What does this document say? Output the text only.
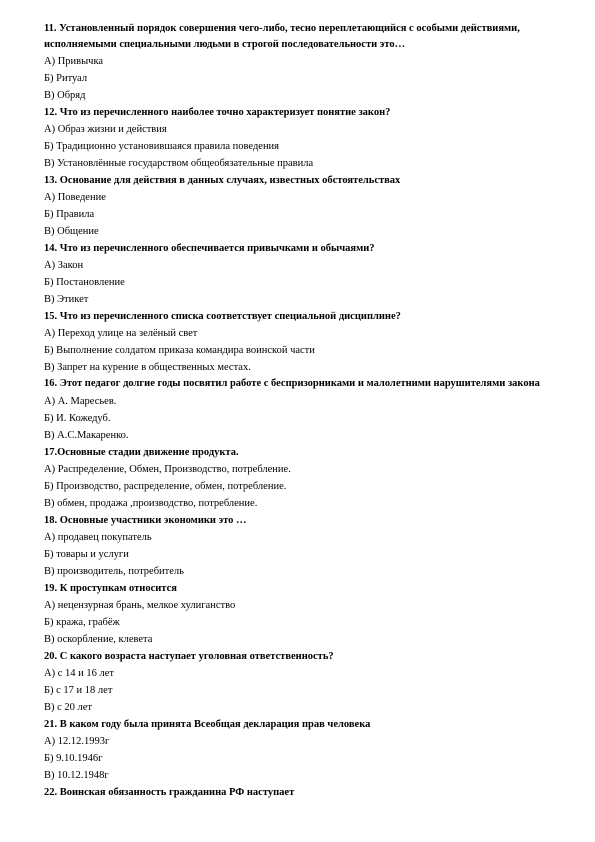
11. Установленный порядок совершения чего-либо, тесно переплетающийся с особыми действиями, исполняемыми специальными людьми в строгой последовательности это…
А) Привычка
Б) Ритуал
В) Обряд
12. Что из перечисленного наиболее точно характеризует понятие закон?
А) Образ жизни и действия
Б) Традиционно установившаяся правила поведения
В) Установлённые государством общеобязательные правила
13. Основание для действия в данных случаях, известных обстоятельствах
А) Поведение
Б) Правила
В) Общение
14. Что из перечисленного обеспечивается привычками и обычаями?
А) Закон
Б) Постановление
В) Этикет
15. Что из перечисленного списка соответствует специальной дисциплине?
А) Переход улице на зелёный свет
Б) Выполнение солдатом приказа командира воинской части
В) Запрет на курение в общественных местах.
16. Этот педагог долгие годы посвятил работе с беспризорниками и малолетними нарушителями закона
А) А. Маресьев.
Б) И. Кожедуб.
В) А.С.Макаренко.
17.Основные стадии движение продукта.
А) Распределение, Обмен, Производство, потребление.
Б) Производство, распределение, обмен, потребление.
В) обмен, продажа ,производство, потребление.
18. Основные участники экономики это …
А) продавец покупатель
Б) товары и услуги
В) производитель, потребитель
19. К проступкам относится
А) нецензурная брань, мелкое хулиганство
Б) кража, грабёж
В) оскорбление, клевета
20. С какого возраста наступает уголовная ответственность?
А) с 14 и 16 лет
Б) с 17 и 18 лет
В) с 20 лет
21. В каком году была принята Всеобщая декларация прав человека
А) 12.12.1993г
Б) 9.10.1946г
В) 10.12.1948г
22. Воинская обязанность гражданина РФ наступает
